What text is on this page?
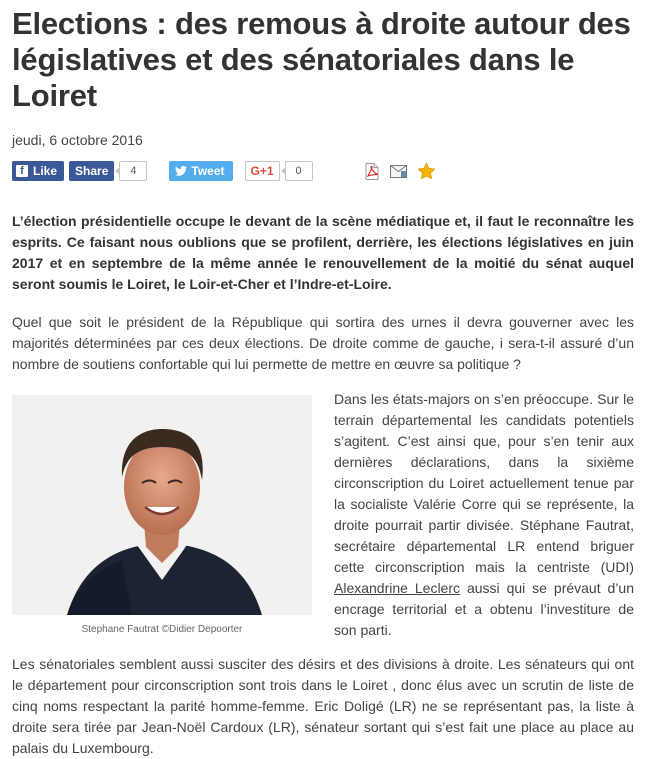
Elections : des remous à droite autour des législatives et des sénatoriales dans le Loiret
jeudi, 6 octobre 2016
f Like	Share	4	Tweet	G+1	0
L’élection présidentielle occupe le devant de la scène médiatique et, il faut le reconnaître les esprits. Ce faisant nous oublions que se profilent, derrière, les élections législatives en juin 2017 et en septembre de la même année le renouvellement de la moitié du sénat auquel seront soumis le Loiret, le Loir-et-Cher et l’Indre-et-Loire.
Quel que soit le président de la République qui sortira des urnes il devra gouverner avec les majorités déterminées par ces deux élections. De droite comme de gauche, i sera-t-il assuré d’un nombre de soutiens confortable qui lui permette de mettre en œuvre sa politique ?
Stephane Fautrat ©Didier Depoorter
Dans les états-majors on s’en préoccupe. Sur le terrain départemental les candidats potentiels s’agitent. C’est ainsi que, pour s’en tenir aux dernières déclarations, dans la sixième circonscription du Loiret actuellement tenue par la socialiste Valérie Corre qui se représente, la droite pourrait partir divisée. Stéphane Fautrat, secrétaire départemental LR entend briguer cette circonscription mais la centriste (UDI) Alexandrine Leclerc aussi qui se prévaut d’un encrage territorial et a obtenu l’investiture de son parti.
Les sénatoriales semblent aussi susciter des désirs et des divisions à droite. Les sénateurs qui ont le département pour circonscription sont trois dans le Loiret , donc élus avec un scrutin de liste de cinq noms respectant la parité homme-femme. Eric Doligé (LR) ne se représentant pas, la liste à droite sera tirée par Jean-Noël Cardoux (LR), sénateur sortant qui s’est fait une place au place au palais du Luxembourg.
